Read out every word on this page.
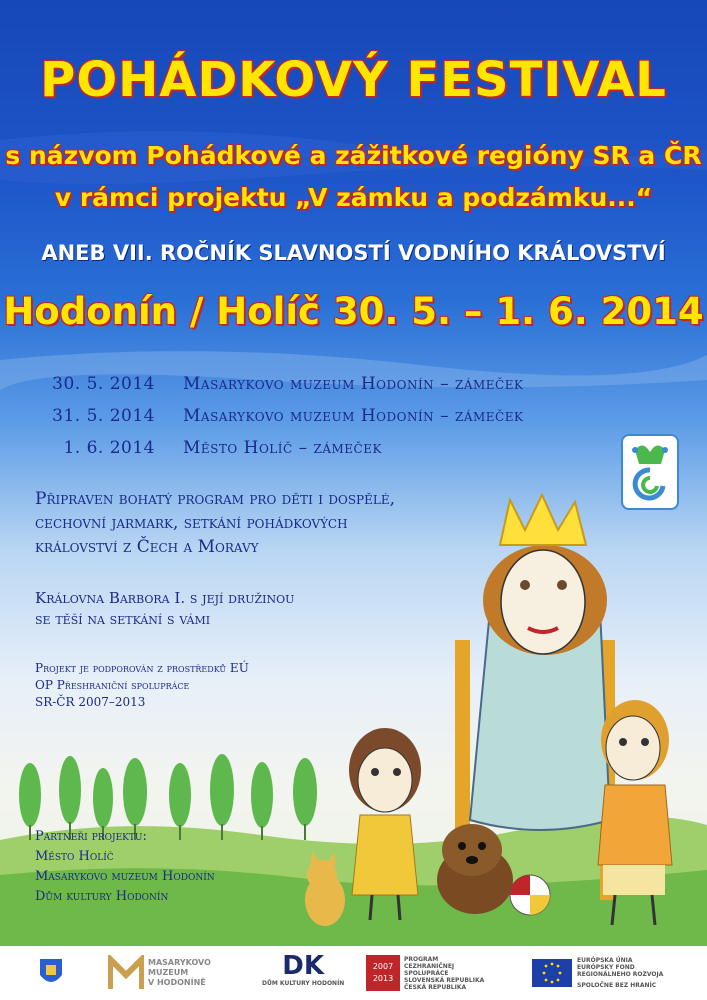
POHÁDKOVÝ FESTIVAL
s názvom Pohádkové a zážitkové regióny SR a ČR
v rámci projektu „V zámku a podzámku...“
ANEB VII. ROČNÍK SLAVNOSTÍ VODNÍHO KRÁLOVSTVÍ
Hodonín / Holíč 30. 5. – 1. 6. 2014
30. 5. 2014 Masarykovo muzeum Hodonín – zámeček
31. 5. 2014 Masarykovo muzeum Hodonín – zámeček
1. 6. 2014 Město Holíč – zámeček
Připraven bohatý program pro děti i dospělé,
cechovní jarmark, setkání pohádkových
království z Čech a Moravy
Královna Barbora I. s její družinou
se těší na setkání s vámi
Projekt je podporován z prostředků EÚ
OP Přeshraniční spolupráce
SR-ČR 2007–2013
Partneři projektu:
Město Holíč
Masarykovo muzeum Hodonín
Dům kultury Hodonín
MASARYKOVO
MUZEUM
V HODONÍNĚ
DK
DŮM KULTURY HODONÍN
2007
2013
PROGRAM
CEZHRANIČNEJ
SPOLUPRÁCE
SLOVENSKÁ REPUBLIKA
ČESKÁ REPUBLIKA
EURÓPSKA ÚNIA
EURÓPSKY FOND
REGIONÁLNEHO ROZVOJA
SPOLOČNE BEZ HRANÍC
